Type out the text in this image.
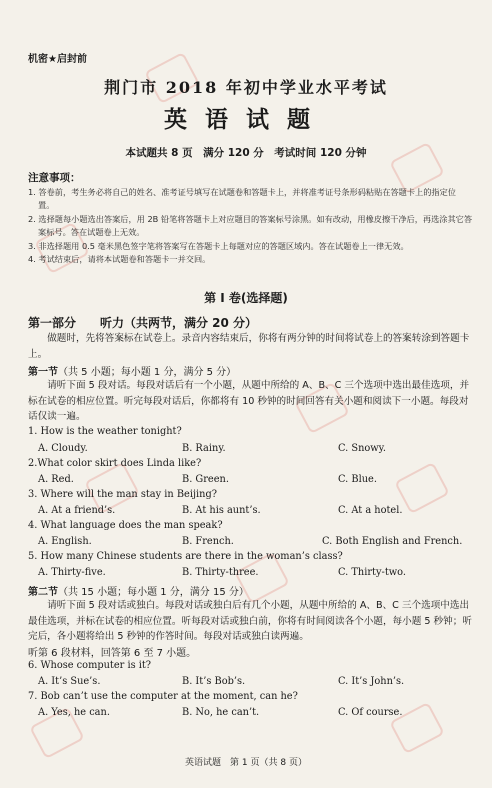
机密★启封前
荆门市 2018 年初中学业水平考试
英语试题
本试题共 8 页　满分 120 分　考试时间 120 分钟
注意事项：
1. 答卷前，考生务必将自己的姓名、准考证号填写在试题卷和答题卡上，并将准考证号条形码粘贴在答题卡上的指定位置。
2. 选择题每小题选出答案后，用 2B 铅笔将答题卡上对应题目的答案标号涂黑。如有改动，用橡皮擦干净后，再选涂其它答案标号。答在试题卷上无效。
3. 非选择题用 0.5 毫米黑色签字笔将答案写在答题卡上每题对应的答题区域内。答在试题卷上一律无效。
4. 考试结束后，请将本试题卷和答题卡一并交回。
第 I 卷(选择题)
第一部分　　听力（共两节，满分 20 分）
做题时，先将答案标在试卷上。录音内容结束后，你将有两分钟的时间将试卷上的答案转涂到答题卡上。
第一节（共 5 小题；每小题 1 分，满分 5 分）
请听下面 5 段对话。每段对话后有一个小题，从题中所给的 A、B、C 三个选项中选出最佳选项，并标在试卷的相应位置。听完每段对话后，你都将有 10 秒钟的时间回答有关小题和阅读下一小题。每段对话仅读一遍。
1. How is the weather tonight?
A. Cloudy.	B. Rainy.	C. Snowy.
2.What color skirt does Linda like?
A. Red.	B. Green.	C. Blue.
3. Where will the man stay in Beijing?
A. At a friend’s.	B. At his aunt’s.	C. At a hotel.
4. What language does the man speak?
A. English.	B. French.	C. Both English and French.
5. How many Chinese students are there in the woman’s class?
A. Thirty-five.	B. Thirty-three.	C. Thirty-two.
第二节（共 15 小题；每小题 1 分，满分 15 分）
请听下面 5 段对话或独白。每段对话或独白后有几个小题，从题中所给的 A、B、C 三个选项中选出最佳选项，并标在试卷的相应位置。听每段对话或独白前，你将有时间阅读各个小题，每小题 5 秒钟；听完后，各小题将给出 5 秒钟的作答时间。每段对话或独白读两遍。
听第 6 段材料，回答第 6 至 7 小题。
6. Whose computer is it?
A. It’s Sue’s.	B. It’s Bob’s.	C. It’s John’s.
7. Bob can’t use the computer at the moment, can he?
A. Yes, he can.	B. No, he can’t.	C. Of course.
英语试题　第 1 页（共 8 页）
